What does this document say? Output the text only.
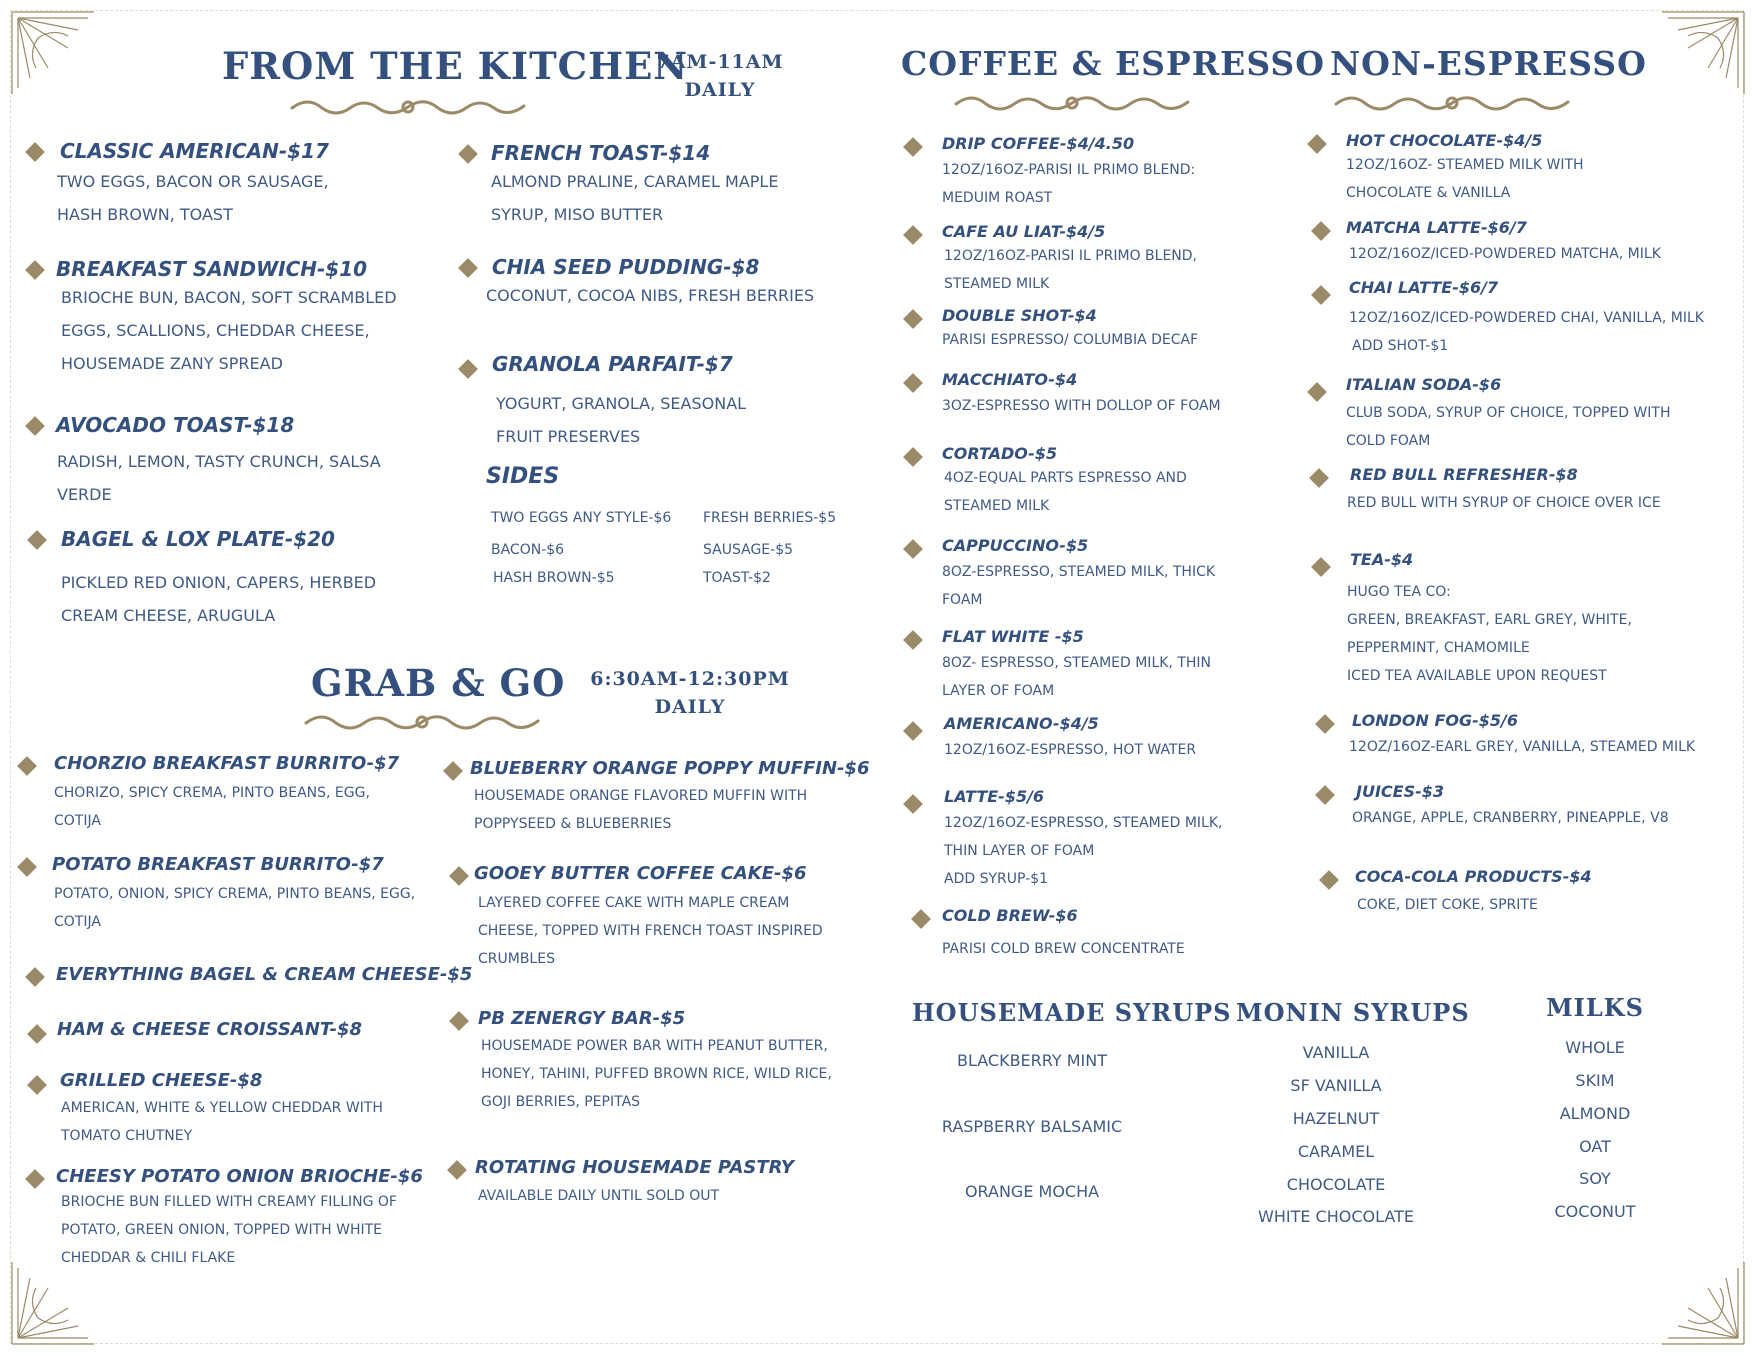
FROM THE KITCHEN
7AM-11AM
DAILY
CLASSIC AMERICAN-$17
TWO EGGS, BACON OR SAUSAGE,
HASH BROWN, TOAST
BREAKFAST SANDWICH-$10
BRIOCHE BUN, BACON, SOFT SCRAMBLED
EGGS, SCALLIONS, CHEDDAR CHEESE,
HOUSEMADE ZANY SPREAD
AVOCADO TOAST-$18
RADISH, LEMON, TASTY CRUNCH, SALSA
VERDE
BAGEL & LOX PLATE-$20
PICKLED RED ONION, CAPERS, HERBED
CREAM CHEESE, ARUGULA
FRENCH TOAST-$14
ALMOND PRALINE, CARAMEL MAPLE
SYRUP, MISO BUTTER
CHIA SEED PUDDING-$8
COCONUT, COCOA NIBS, FRESH BERRIES
GRANOLA PARFAIT-$7
YOGURT, GRANOLA, SEASONAL
FRUIT PRESERVES
SIDES
TWO EGGS ANY STYLE-$6 FRESH BERRIES-$5
BACON-$6	SAUSAGE-$5
HASH BROWN-$5	TOAST-$2
GRAB & GO 6:30AM-12:30PM
DAILY
CHORZIO BREAKFAST BURRITO-$7
CHORIZO, SPICY CREMA, PINTO BEANS, EGG,
COTIJA
POTATO BREAKFAST BURRITO-$7
POTATO, ONION, SPICY CREMA, PINTO BEANS, EGG,
COTIJA
EVERYTHING BAGEL & CREAM CHEESE-$5
HAM & CHEESE CROISSANT-$8
GRILLED CHEESE-$8
AMERICAN, WHITE & YELLOW CHEDDAR WITH
TOMATO CHUTNEY
CHEESY POTATO ONION BRIOCHE-$6
BRIOCHE BUN FILLED WITH CREAMY FILLING OF
POTATO, GREEN ONION, TOPPED WITH WHITE
CHEDDAR & CHILI FLAKE
BLUEBERRY ORANGE POPPY MUFFIN-$6
HOUSEMADE ORANGE FLAVORED MUFFIN WITH
POPPYSEED & BLUEBERRIES
GOOEY BUTTER COFFEE CAKE-$6
LAYERED COFFEE CAKE WITH MAPLE CREAM
CHEESE, TOPPED WITH FRENCH TOAST INSPIRED
CRUMBLES
PB ZENERGY BAR-$5
HOUSEMADE POWER BAR WITH PEANUT BUTTER,
HONEY, TAHINI, PUFFED BROWN RICE, WILD RICE,
GOJI BERRIES, PEPITAS
ROTATING HOUSEMADE PASTRY
AVAILABLE DAILY UNTIL SOLD OUT
COFFEE & ESPRESSO
DRIP COFFEE-$4/4.50
12OZ/16OZ-PARISI IL PRIMO BLEND:
MEDUIM ROAST
CAFE AU LIAT-$4/5
12OZ/16OZ-PARISI IL PRIMO BLEND,
STEAMED MILK
DOUBLE SHOT-$4
PARISI ESPRESSO/ COLUMBIA DECAF
MACCHIATO-$4
3OZ-ESPRESSO WITH DOLLOP OF FOAM
CORTADO-$5
4OZ-EQUAL PARTS ESPRESSO AND
STEAMED MILK
CAPPUCCINO-$5
8OZ-ESPRESSO, STEAMED MILK, THICK
FOAM
FLAT WHITE -$5
8OZ- ESPRESSO, STEAMED MILK, THIN
LAYER OF FOAM
AMERICANO-$4/5
12OZ/16OZ-ESPRESSO, HOT WATER
LATTE-$5/6
12OZ/16OZ-ESPRESSO, STEAMED MILK,
THIN LAYER OF FOAM
ADD SYRUP-$1
COLD BREW-$6
PARISI COLD BREW CONCENTRATE
NON-ESPRESSO
HOT CHOCOLATE-$4/5
12OZ/16OZ- STEAMED MILK WITH
CHOCOLATE & VANILLA
MATCHA LATTE-$6/7
12OZ/16OZ/ICED-POWDERED MATCHA, MILK
CHAI LATTE-$6/7
12OZ/16OZ/ICED-POWDERED CHAI, VANILLA, MILK
ADD SHOT-$1
ITALIAN SODA-$6
CLUB SODA, SYRUP OF CHOICE, TOPPED WITH
COLD FOAM
RED BULL REFRESHER-$8
RED BULL WITH SYRUP OF CHOICE OVER ICE
TEA-$4
HUGO TEA CO:
GREEN, BREAKFAST, EARL GREY, WHITE,
PEPPERMINT, CHAMOMILE
ICED TEA AVAILABLE UPON REQUEST
LONDON FOG-$5/6
12OZ/16OZ-EARL GREY, VANILLA, STEAMED MILK
JUICES-$3
ORANGE, APPLE, CRANBERRY, PINEAPPLE, V8
COCA-COLA PRODUCTS-$4
COKE, DIET COKE, SPRITE
HOUSEMADE SYRUPS
BLACKBERRY MINT
RASPBERRY BALSAMIC
ORANGE MOCHA
MONIN SYRUPS
VANILLA
SF VANILLA
HAZELNUT
CARAMEL
CHOCOLATE
WHITE CHOCOLATE
MILKS
WHOLE
SKIM
ALMOND
OAT
SOY
COCONUT
